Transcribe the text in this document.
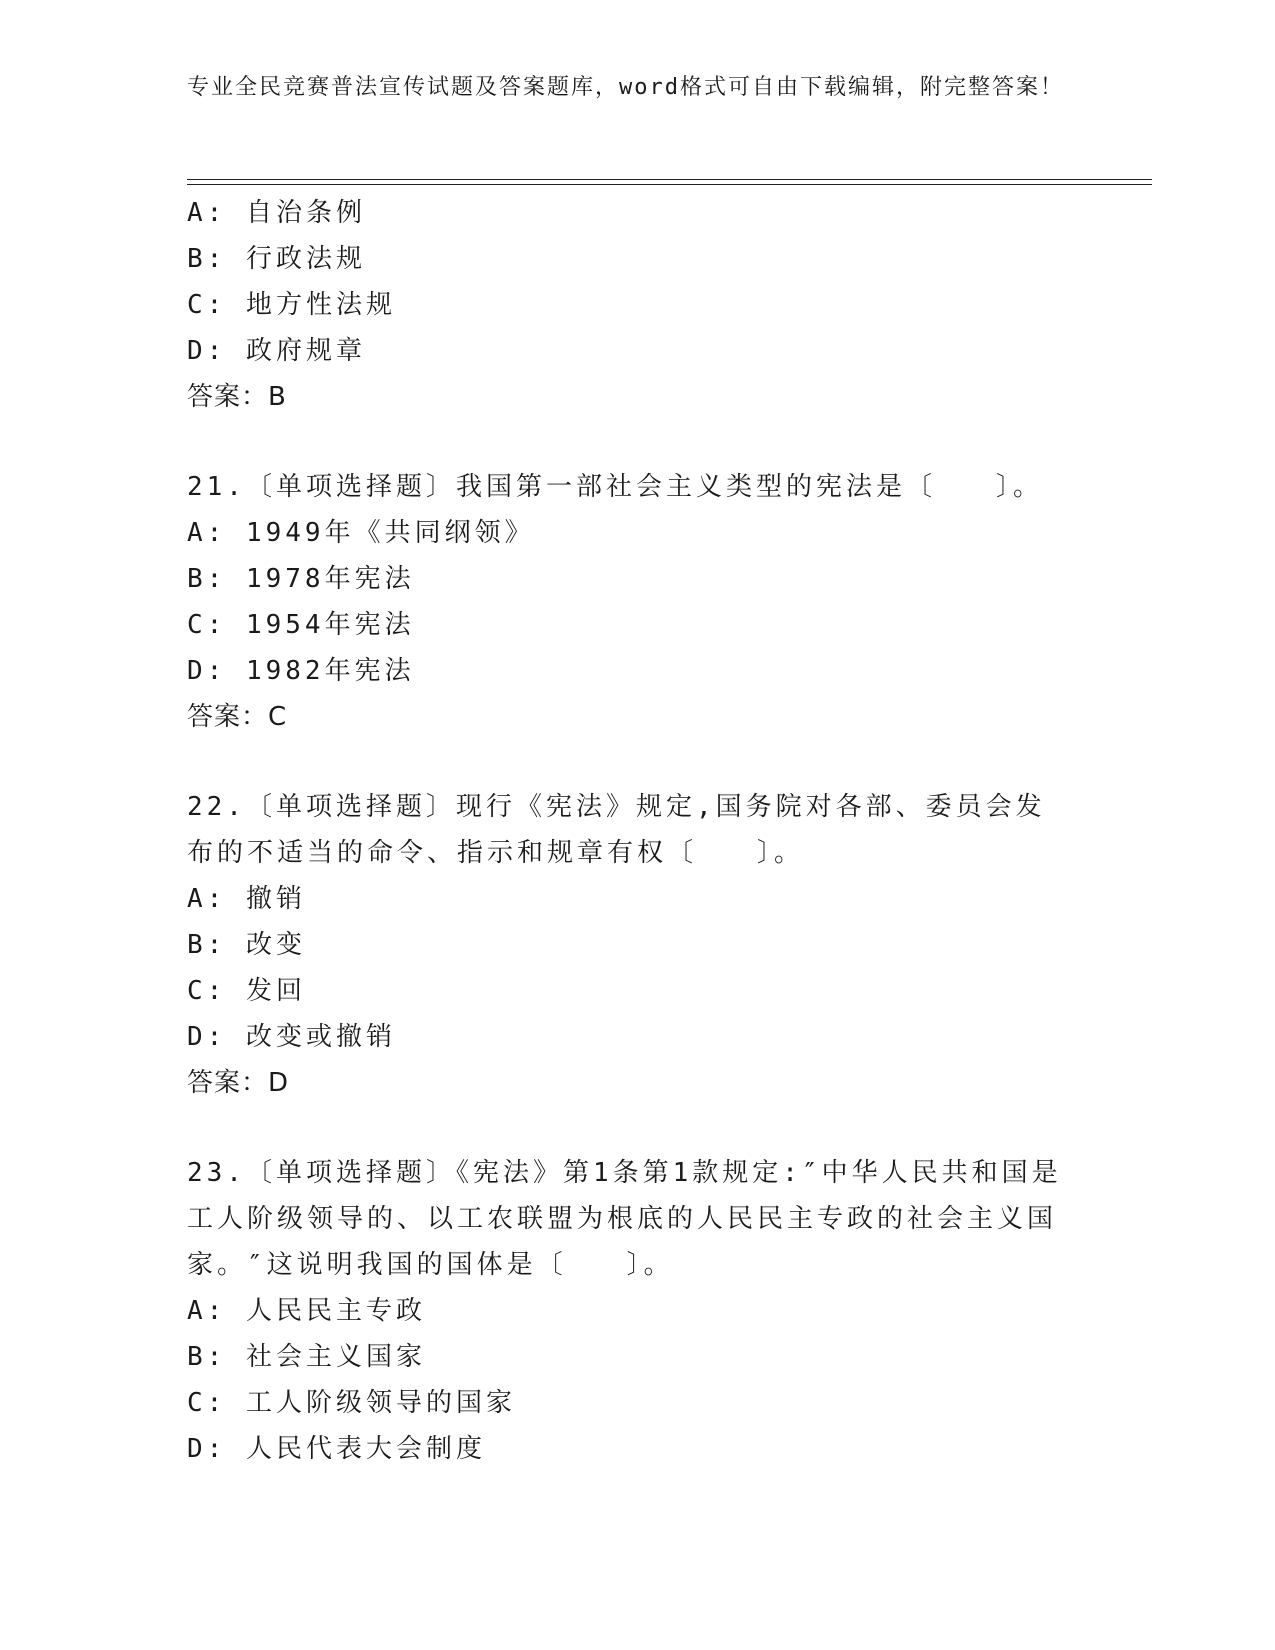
专业全民竞赛普法宣传试题及答案题库，word格式可自由下载编辑，附完整答案！
A: 自治条例
B: 行政法规
C: 地方性法规
D: 政府规章
答案：B
21.〔单项选择题〕我国第一部社会主义类型的宪法是〔　　〕。
A: 1949年《共同纲领》
B: 1978年宪法
C: 1954年宪法
D: 1982年宪法
答案：C
22.〔单项选择题〕现行《宪法》规定,国务院对各部、委员会发布的不适当的命令、指示和规章有权〔　　〕。
A: 撤销
B: 改变
C: 发回
D: 改变或撤销
答案：D
23.〔单项选择题〕《宪法》第1条第1款规定:″中华人民共和国是工人阶级领导的、以工农联盟为根底的人民民主专政的社会主义国家。″这说明我国的国体是〔　　〕。
A: 人民民主专政
B: 社会主义国家
C: 工人阶级领导的国家
D: 人民代表大会制度
